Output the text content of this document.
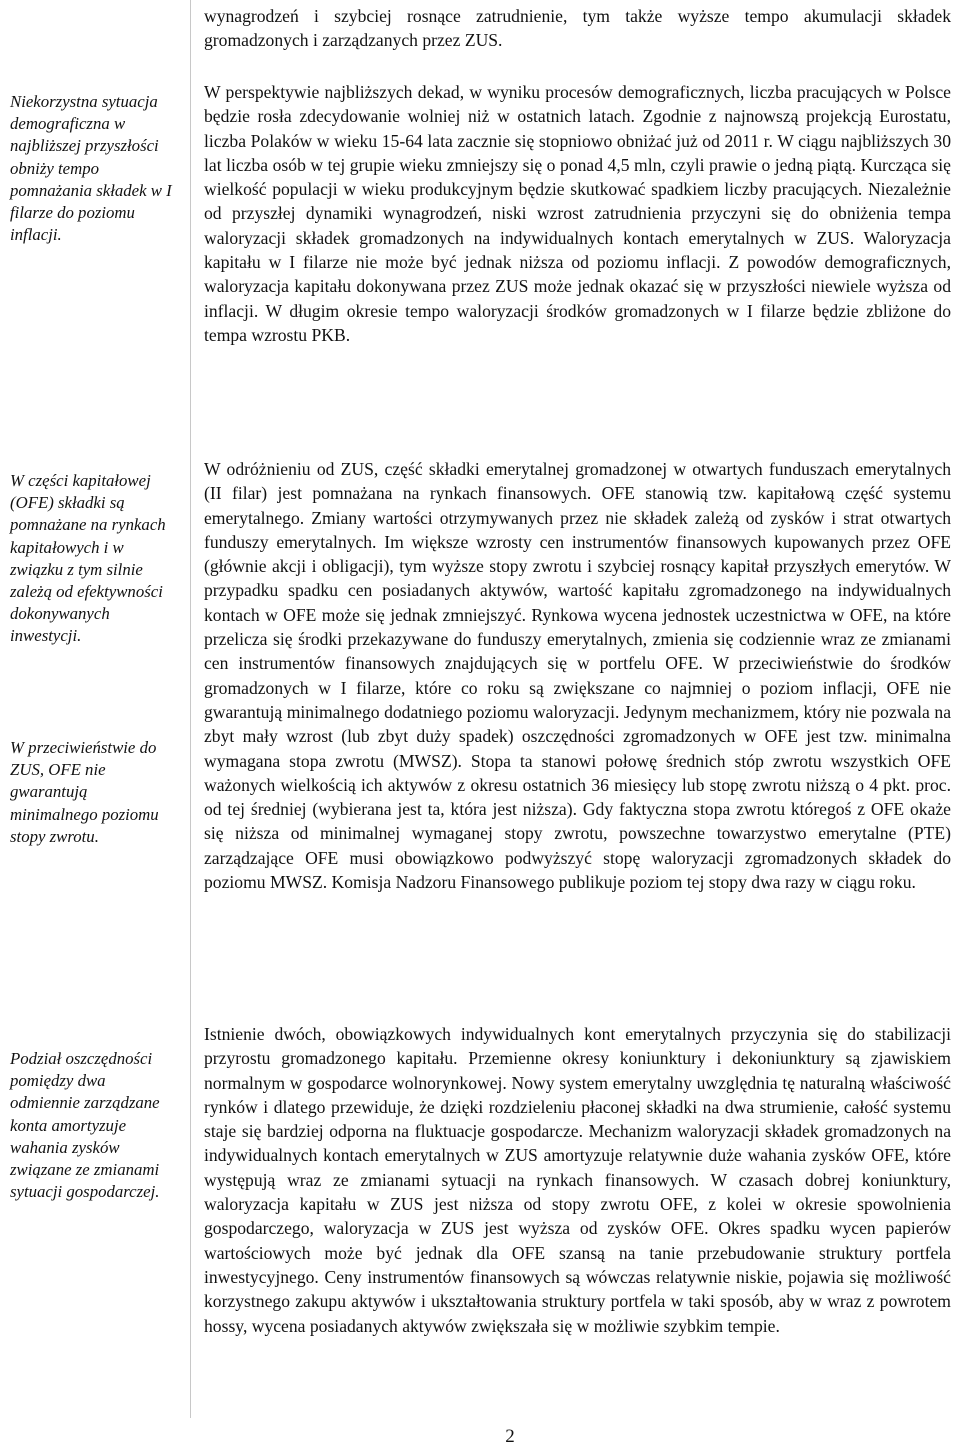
Niekorzystna sytuacja demograficzna w najbliższej przyszłości obniży tempo pomnażania składek w I filarze do poziomu inflacji.
W części kapitałowej (OFE) składki są pomnażane na rynkach kapitałowych i w związku z tym silnie zależą od efektywności dokonywanych inwestycji.
W przeciwieństwie do ZUS, OFE nie gwarantują minimalnego poziomu stopy zwrotu.
Podział oszczędności pomiędzy dwa odmiennie zarządzane konta amortyzuje wahania zysków związane ze zmianami sytuacji gospodarczej.

wynagrodzeń i szybciej rosnące zatrudnienie, tym także wyższe tempo akumulacji składek gromadzonych i zarządzanych przez ZUS.

W perspektywie najbliższych dekad, w wyniku procesów demograficznych, liczba pracujących w Polsce będzie rosła zdecydowanie wolniej niż w ostatnich latach. Zgodnie z najnowszą projekcją Eurostatu, liczba Polaków w wieku 15-64 lata zacznie się stopniowo obniżać już od 2011 r. W ciągu najbliższych 30 lat liczba osób w tej grupie wieku zmniejszy się o ponad 4,5 mln, czyli prawie o jedną piątą. Kurcząca się wielkość populacji w wieku produkcyjnym będzie skutkować spadkiem liczby pracujących. Niezależnie od przyszłej dynamiki wynagrodzeń, niski wzrost zatrudnienia przyczyni się do obniżenia tempa waloryzacji składek gromadzonych na indywidualnych kontach emerytalnych w ZUS. Waloryzacja kapitału w I filarze nie może być jednak niższa od poziomu inflacji. Z powodów demograficznych, waloryzacja kapitału dokonywana przez ZUS może jednak okazać się w przyszłości niewiele wyższa od inflacji. W długim okresie tempo waloryzacji środków gromadzonych w I filarze będzie zbliżone do tempa wzrostu PKB.

W odróżnieniu od ZUS, część składki emerytalnej gromadzonej w otwartych funduszach emerytalnych (II filar) jest pomnażana na rynkach finansowych. OFE stanowią tzw. kapitałową część systemu emerytalnego. Zmiany wartości otrzymywanych przez nie składek zależą od zysków i strat otwartych funduszy emerytalnych. Im większe wzrosty cen instrumentów finansowych kupowanych przez OFE (głównie akcji i obligacji), tym wyższe stopy zwrotu i szybciej rosnący kapitał przyszłych emerytów. W przypadku spadku cen posiadanych aktywów, wartość kapitału zgromadzonego na indywidualnych kontach w OFE może się jednak zmniejszyć. Rynkowa wycena jednostek uczestnictwa w OFE, na które przelicza się środki przekazywane do funduszy emerytalnych, zmienia się codziennie wraz ze zmianami cen instrumentów finansowych znajdujących się w portfelu OFE. W przeciwieństwie do środków gromadzonych w I filarze, które co roku są zwiększane co najmniej o poziom inflacji, OFE nie gwarantują minimalnego dodatniego poziomu waloryzacji. Jedynym mechanizmem, który nie pozwala na zbyt mały wzrost (lub zbyt duży spadek) oszczędności zgromadzonych w OFE jest tzw. minimalna wymagana stopa zwrotu (MWSZ). Stopa ta stanowi połowę średnich stóp zwrotu wszystkich OFE ważonych wielkością ich aktywów z okresu ostatnich 36 miesięcy lub stopę zwrotu niższą o 4 pkt. proc. od tej średniej (wybierana jest ta, która jest niższa). Gdy faktyczna stopa zwrotu któregoś z OFE okaże się niższa od minimalnej wymaganej stopy zwrotu, powszechne towarzystwo emerytalne (PTE) zarządzające OFE musi obowiązkowo podwyższyć stopę waloryzacji zgromadzonych składek do poziomu MWSZ. Komisja Nadzoru Finansowego publikuje poziom tej stopy dwa razy w ciągu roku.

Istnienie dwóch, obowiązkowych indywidualnych kont emerytalnych przyczynia się do stabilizacji przyrostu gromadzonego kapitału. Przemienne okresy koniunktury i dekoniunktury są zjawiskiem normalnym w gospodarce wolnorynkowej. Nowy system emerytalny uwzględnia tę naturalną właściwość rynków i dlatego przewiduje, że dzięki rozdzieleniu płaconej składki na dwa strumienie, całość systemu staje się bardziej odporna na fluktuacje gospodarcze. Mechanizm waloryzacji składek gromadzonych na indywidualnych kontach emerytalnych w ZUS amortyzuje relatywnie duże wahania zysków OFE, które występują wraz ze zmianami sytuacji na rynkach finansowych. W czasach dobrej koniunktury, waloryzacja kapitału w ZUS jest niższa od stopy zwrotu OFE, z kolei w okresie spowolnienia gospodarczego, waloryzacja w ZUS jest wyższa od zysków OFE. Okres spadku wycen papierów wartościowych może być jednak dla OFE szansą na tanie przebudowanie struktury portfela inwestycyjnego. Ceny instrumentów finansowych są wówczas relatywnie niskie, pojawia się możliwość korzystnego zakupu aktywów i ukształtowania struktury portfela w taki sposób, aby w wraz z powrotem hossy, wycena posiadanych aktywów zwiększała się w możliwie szybkim tempie.

2
